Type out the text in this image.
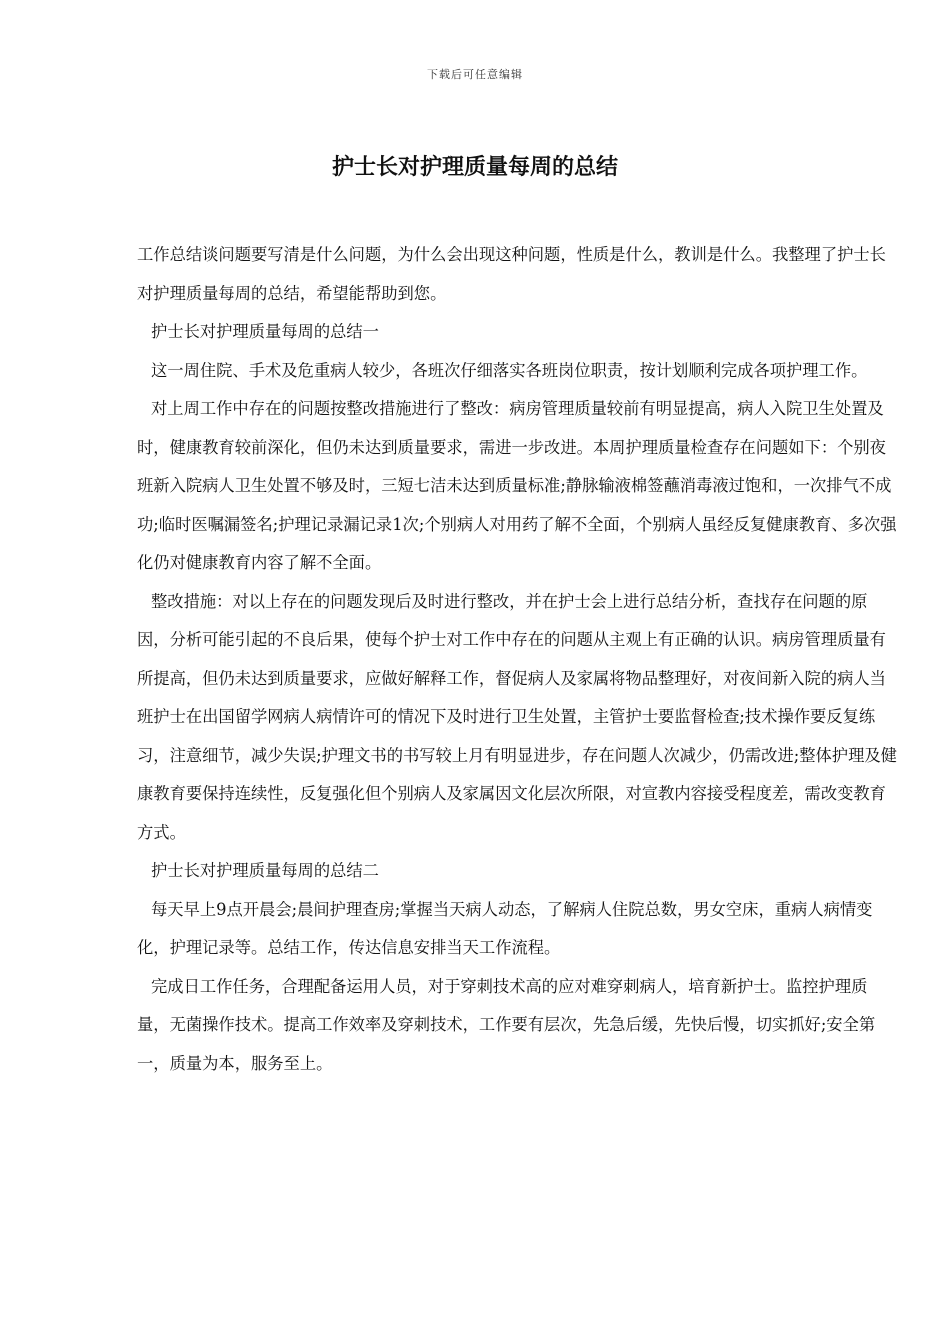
下载后可任意编辑
护士长对护理质量每周的总结

工作总结谈问题要写清是什么问题，为什么会出现这种问题，性质是什么，教训是什么。我整理了护士长对护理质量每周的总结，希望能帮助到您。

护士长对护理质量每周的总结一

这一周住院、手术及危重病人较少，各班次仔细落实各班岗位职责，按计划顺利完成各项护理工作。

对上周工作中存在的问题按整改措施进行了整改：病房管理质量较前有明显提高，病人入院卫生处置及时，健康教育较前深化，但仍未达到质量要求，需进一步改进。本周护理质量检查存在问题如下：个别夜班新入院病人卫生处置不够及时，三短七洁未达到质量标准;静脉输液棉签蘸消毒液过饱和，一次排气不成功;临时医嘱漏签名;护理记录漏记录1次;个别病人对用药了解不全面，个别病人虽经反复健康教育、多次强化仍对健康教育内容了解不全面。

整改措施：对以上存在的问题发现后及时进行整改，并在护士会上进行总结分析，查找存在问题的原因，分析可能引起的不良后果，使每个护士对工作中存在的问题从主观上有正确的认识。病房管理质量有所提高，但仍未达到质量要求，应做好解释工作，督促病人及家属将物品整理好，对夜间新入院的病人当班护士在出国留学网病人病情许可的情况下及时进行卫生处置，主管护士要监督检查;技术操作要反复练习，注意细节，减少失误;护理文书的书写较上月有明显进步，存在问题人次减少，仍需改进;整体护理及健康教育要保持连续性，反复强化但个别病人及家属因文化层次所限，对宣教内容接受程度差，需改变教育方式。

护士长对护理质量每周的总结二

每天早上9点开晨会;晨间护理查房;掌握当天病人动态，了解病人住院总数，男女空床，重病人病情变化，护理记录等。总结工作，传达信息安排当天工作流程。

完成日工作任务，合理配备运用人员，对于穿刺技术高的应对难穿刺病人，培育新护士。监控护理质量，无菌操作技术。提高工作效率及穿刺技术，工作要有层次，先急后缓，先快后慢，切实抓好;安全第一，质量为本，服务至上。
